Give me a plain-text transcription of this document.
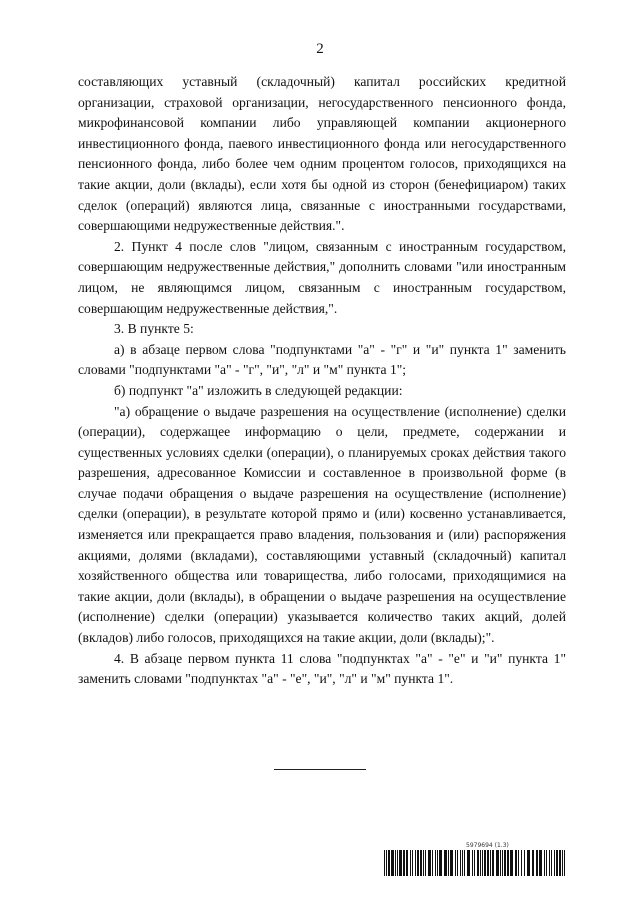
2

составляющих уставный (складочный) капитал российских кредитной организации, страховой организации, негосударственного пенсионного фонда, микрофинансовой компании либо управляющей компании акционерного инвестиционного фонда, паевого инвестиционного фонда или негосударственного пенсионного фонда, либо более чем одним процентом голосов, приходящихся на такие акции, доли (вклады), если хотя бы одной из сторон (бенефициаром) таких сделок (операций) являются лица, связанные с иностранными государствами, совершающими недружественные действия.".

2. Пункт 4 после слов "лицом, связанным с иностранным государством, совершающим недружественные действия," дополнить словами "или иностранным лицом, не являющимся лицом, связанным с иностранным государством, совершающим недружественные действия,".

3. В пункте 5:

а) в абзаце первом слова "подпунктами "а" - "г" и "и" пункта 1" заменить словами "подпунктами "а" - "г", "и", "л" и "м" пункта 1";

б) подпункт "а" изложить в следующей редакции:

"а) обращение о выдаче разрешения на осуществление (исполнение) сделки (операции), содержащее информацию о цели, предмете, содержании и существенных условиях сделки (операции), о планируемых сроках действия такого разрешения, адресованное Комиссии и составленное в произвольной форме (в случае подачи обращения о выдаче разрешения на осуществление (исполнение) сделки (операции), в результате которой прямо и (или) косвенно устанавливается, изменяется или прекращается право владения, пользования и (или) распоряжения акциями, долями (вкладами), составляющими уставный (складочный) капитал хозяйственного общества или товарищества, либо голосами, приходящимися на такие акции, доли (вклады), в обращении о выдаче разрешения на осуществление (исполнение) сделки (операции) указывается количество таких акций, долей (вкладов) либо голосов, приходящихся на такие акции, доли (вклады);".

4. В абзаце первом пункта 11 слова "подпунктах "а" - "е" и "и" пункта 1" заменить словами "подпунктах "а" - "е", "и", "л" и "м" пункта 1".

5979694 (1.3)
